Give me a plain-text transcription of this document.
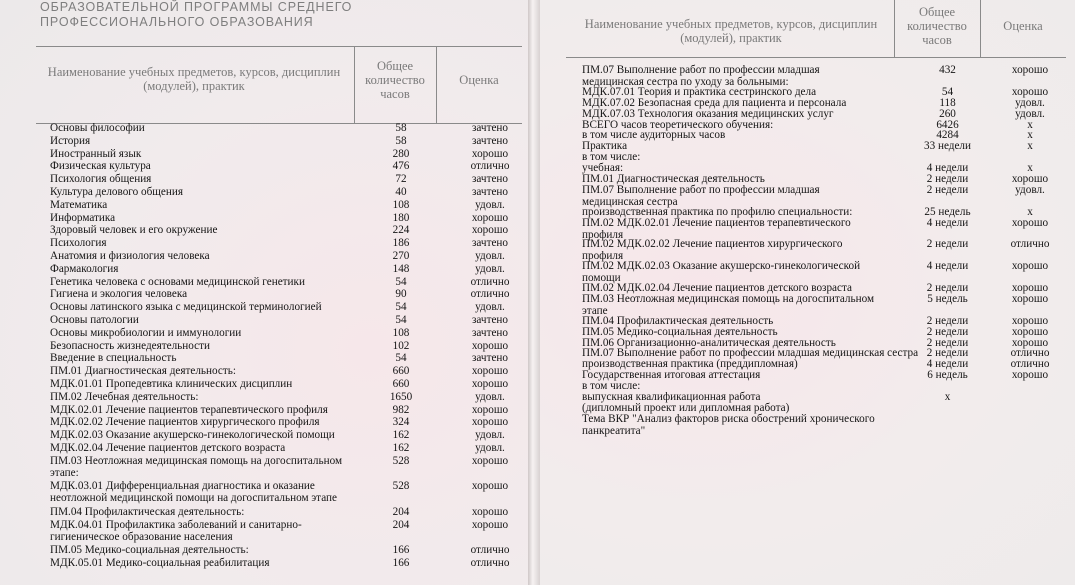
ОБРАЗОВАТЕЛЬНОЙ ПРОГРАММЫ СРЕДНЕГО ПРОФЕССИОНАЛЬНОГО ОБРАЗОВАНИЯ
Наименование учебных предметов, курсов, дисциплин (модулей), практик
Общее количество часов
Оценка
Основы философии	58	зачтено
История	58	зачтено
Иностранный язык	280	хорошо
Физическая культура	476	отлично
Психология общения	72	зачтено
Культура делового общения	40	зачтено
Математика	108	удовл.
Информатика	180	хорошо
Здоровый человек и его окружение	224	хорошо
Психология	186	зачтено
Анатомия и физиология человека	270	удовл.
Фармакология	148	удовл.
Генетика человека с основами медицинской генетики	54	отлично
Гигиена и экология человека	90	отлично
Основы латинского языка с медицинской терминологией	54	удовл.
Основы патологии	54	зачтено
Основы микробиологии и иммунологии	108	зачтено
Безопасность жизнедеятельности	102	хорошо
Введение в специальность	54	зачтено
ПМ.01 Диагностическая деятельность:	660	хорошо
МДК.01.01 Пропедевтика клинических дисциплин	660	хорошо
ПМ.02 Лечебная деятельность:	1650	удовл.
МДК.02.01 Лечение пациентов терапевтического профиля	982	хорошо
МДК.02.02 Лечение пациентов хирургического профиля	324	хорошо
МДК.02.03 Оказание акушерско-гинекологической помощи	162	удовл.
МДК.02.04 Лечение пациентов детского возраста	162	удовл.
ПМ.03 Неотложная медицинская помощь на догоспитальном этапе:
528	хорошо
МДК.03.01 Дифференциальная диагностика и оказание неотложной медицинской помощи на догоспитальном этапе
528	хорошо
ПМ.04 Профилактическая деятельность:	204	хорошо
МДК.04.01 Профилактика заболеваний и санитарно-гигиеническое образование населения
204	хорошо
ПМ.05 Медико-социальная деятельность:	166	отлично
МДК.05.01 Медико-социальная реабилитация	166	отлично
Наименование учебных предметов, курсов, дисциплин (модулей), практик
Общее количество часов
Оценка
ПМ.07 Выполнение работ по профессии младшая медицинская сестра по уходу за больными:
432	хорошо
МДК.07.01 Теория и практика сестринского дела	54	хорошо
МДК.07.02 Безопасная среда для пациента и персонала	118	удовл.
МДК.07.03 Технология оказания медицинских услуг	260	удовл.
ВСЕГО часов теоретического обучения:	6426	х
в том числе аудиторных часов	4284	х
Практика	33 недели	х
в том числе:
учебная:	4 недели	х
ПМ.01 Диагностическая деятельность	2 недели	хорошо
ПМ.07 Выполнение работ по профессии младшая медицинская сестра
2 недели	удовл.
производственная практика по профилю специальности:	25 недель	х
ПМ.02 МДК.02.01 Лечение пациентов терапевтического профиля
4 недели	хорошо
ПМ.02 МДК.02.02 Лечение пациентов хирургического профиля
2 недели	отлично
ПМ.02 МДК.02.03 Оказание акушерско-гинекологической помощи
4 недели	хорошо
ПМ.02 МДК.02.04 Лечение пациентов детского возраста	2 недели	хорошо
ПМ.03 Неотложная медицинская помощь на догоспитальном этапе
5 недель	хорошо
ПМ.04 Профилактическая деятельность	2 недели	хорошо
ПМ.05 Медико-социальная деятельность	2 недели	хорошо
ПМ.06 Организационно-аналитическая деятельность	2 недели	хорошо
ПМ.07 Выполнение работ по профессии младшая медицинская сестра 2 недели	отлично
производственная практика (преддипломная)	4 недели	отлично
Государственная итоговая аттестация	6 недель	хорошо
в том числе:
выпускная квалификационная работа	х
(дипломный проект или дипломная работа)
Тема ВКР "Анализ факторов риска обострений хронического панкреатита"
